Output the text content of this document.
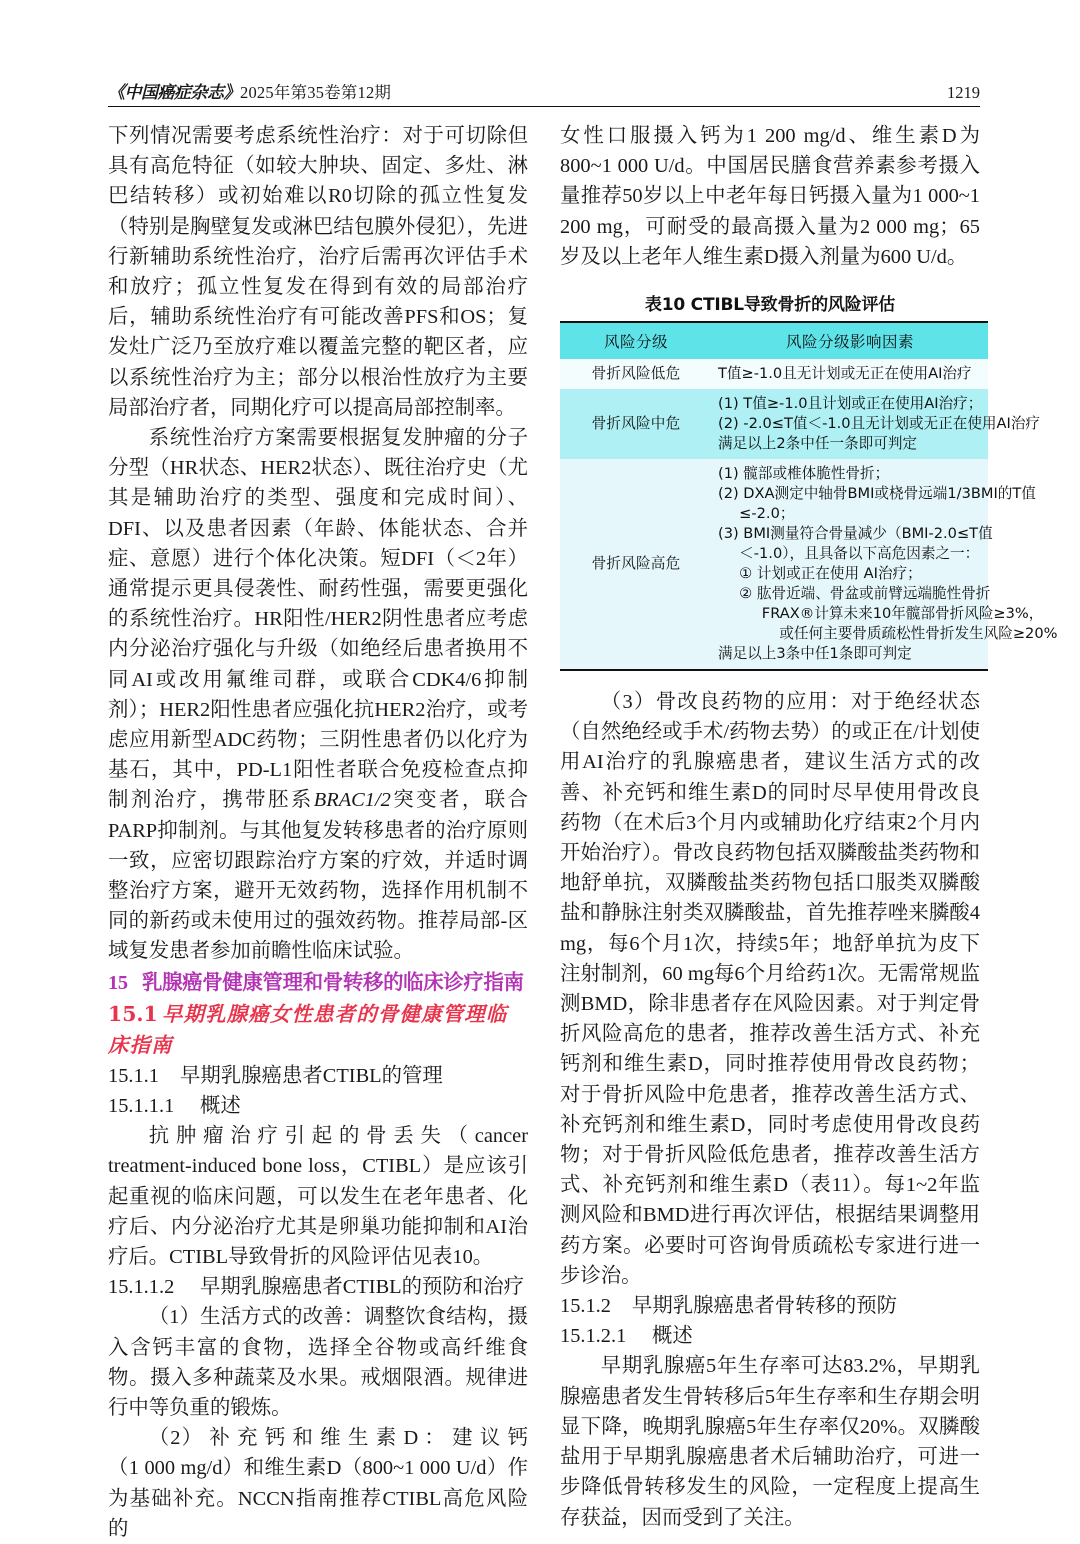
《中国癌症杂志》2025年第35卷第12期	1219

下列情况需要考虑系统性治疗：对于可切除但具有高危特征（如较大肿块、固定、多灶、淋巴结转移）或初始难以R0切除的孤立性复发（特别是胸壁复发或淋巴结包膜外侵犯），先进行新辅助系统性治疗，治疗后需再次评估手术和放疗；孤立性复发在得到有效的局部治疗后，辅助系统性治疗有可能改善PFS和OS；复发灶广泛乃至放疗难以覆盖完整的靶区者，应以系统性治疗为主；部分以根治性放疗为主要局部治疗者，同期化疗可以提高局部控制率。

系统性治疗方案需要根据复发肿瘤的分子分型（HR状态、HER2状态）、既往治疗史（尤其是辅助治疗的类型、强度和完成时间）、DFI、以及患者因素（年龄、体能状态、合并症、意愿）进行个体化决策。短DFI（＜2年）通常提示更具侵袭性、耐药性强，需要更强化的系统性治疗。HR阳性/HER2阴性患者应考虑内分泌治疗强化与升级（如绝经后患者换用不同AI或改用氟维司群，或联合CDK4/6抑制剂）；HER2阳性患者应强化抗HER2治疗，或考虑应用新型ADC药物；三阴性患者仍以化疗为基石，其中，PD-L1阳性者联合免疫检查点抑制剂治疗，携带胚系BRAC1/2突变者，联合PARP抑制剂。与其他复发转移患者的治疗原则一致，应密切跟踪治疗方案的疗效，并适时调整治疗方案，避开无效药物，选择作用机制不同的新药或未使用过的强效药物。推荐局部-区域复发患者参加前瞻性临床试验。

15 乳腺癌骨健康管理和骨转移的临床诊疗指南
15.1 早期乳腺癌女性患者的骨健康管理临床指南
15.1.1 早期乳腺癌患者CTIBL的管理
15.1.1.1 概述

抗肿瘤治疗引起的骨丢失（cancer treatment-induced bone loss，CTIBL）是应该引起重视的临床问题，可以发生在老年患者、化疗后、内分泌治疗尤其是卵巢功能抑制和AI治疗后。CTIBL导致骨折的风险评估见表10。

15.1.1.2 早期乳腺癌患者CTIBL的预防和治疗

（1）生活方式的改善：调整饮食结构，摄入含钙丰富的食物，选择全谷物或高纤维食物。摄入多种蔬菜及水果。戒烟限酒。规律进行中等负重的锻炼。

（2） 补 充 钙 和 维 生 素 D ： 建 议 钙（1 000 mg/d）和维生素D（800~1 000 U/d）作为基础补充。NCCN指南推荐CTIBL高危风险的

女性口服摄入钙为1 200 mg/d、维生素D为800~1 000 U/d。中国居民膳食营养素参考摄入量推荐50岁以上中老年每日钙摄入量为1 000~1 200 mg，可耐受的最高摄入量为2 000 mg；65岁及以上老年人维生素D摄入剂量为600 U/d。

表10 CTIBL导致骨折的风险评估
风险分级	风险分级影响因素
骨折风险低危	T值≥-1.0且无计划或无正在使用AI治疗

骨折风险中危	(1) T值≥-1.0且计划或正在使用AI治疗；
(2) -2.0≤T值＜-1.0且无计划或无正在使用AI治疗
满足以上2条中任一条即可判定

骨折风险高危	
(1) 髋部或椎体脆性骨折；
(2) DXA测定中轴骨BMI或桡骨远端1/3BMI的T值
≤-2.0；
(3) BMI测量符合骨量减少（BMI-2.0≤T值
＜-1.0），且具备以下高危因素之一：
① 计划或正在使用 AI治疗；
② 肱骨近端、骨盆或前臂远端脆性骨折
FRAX®计算未来10年髋部骨折风险≥3%，
或任何主要骨质疏松性骨折发生风险≥20%
满足以上3条中任1条即可判定

（3）骨改良药物的应用：对于绝经状态（自然绝经或手术/药物去势）的或正在/计划使用AI治疗的乳腺癌患者，建议生活方式的改善、补充钙和维生素D的同时尽早使用骨改良药物（在术后3个月内或辅助化疗结束2个月内开始治疗）。骨改良药物包括双膦酸盐类药物和地舒单抗，双膦酸盐类药物包括口服类双膦酸盐和静脉注射类双膦酸盐，首先推荐唑来膦酸4 mg，每6个月1次，持续5年；地舒单抗为皮下注射制剂，60 mg每6个月给药1次。无需常规监测BMD，除非患者存在风险因素。对于判定骨折风险高危的患者，推荐改善生活方式、补充钙剂和维生素D，同时推荐使用骨改良药物；对于骨折风险中危患者，推荐改善生活方式、补充钙剂和维生素D，同时考虑使用骨改良药物；对于骨折风险低危患者，推荐改善生活方式、补充钙剂和维生素D（表11）。每1~2年监测风险和BMD进行再次评估，根据结果调整用药方案。必要时可咨询骨质疏松专家进行进一步诊治。

15.1.2 早期乳腺癌患者骨转移的预防
15.1.2.1 概述

早期乳腺癌5年生存率可达83.2%，早期乳腺癌患者发生骨转移后5年生存率和生存期会明显下降，晚期乳腺癌5年生存率仅20%。双膦酸盐用于早期乳腺癌患者术后辅助治疗，可进一步降低骨转移发生的风险，一定程度上提高生存获益，因而受到了关注。
